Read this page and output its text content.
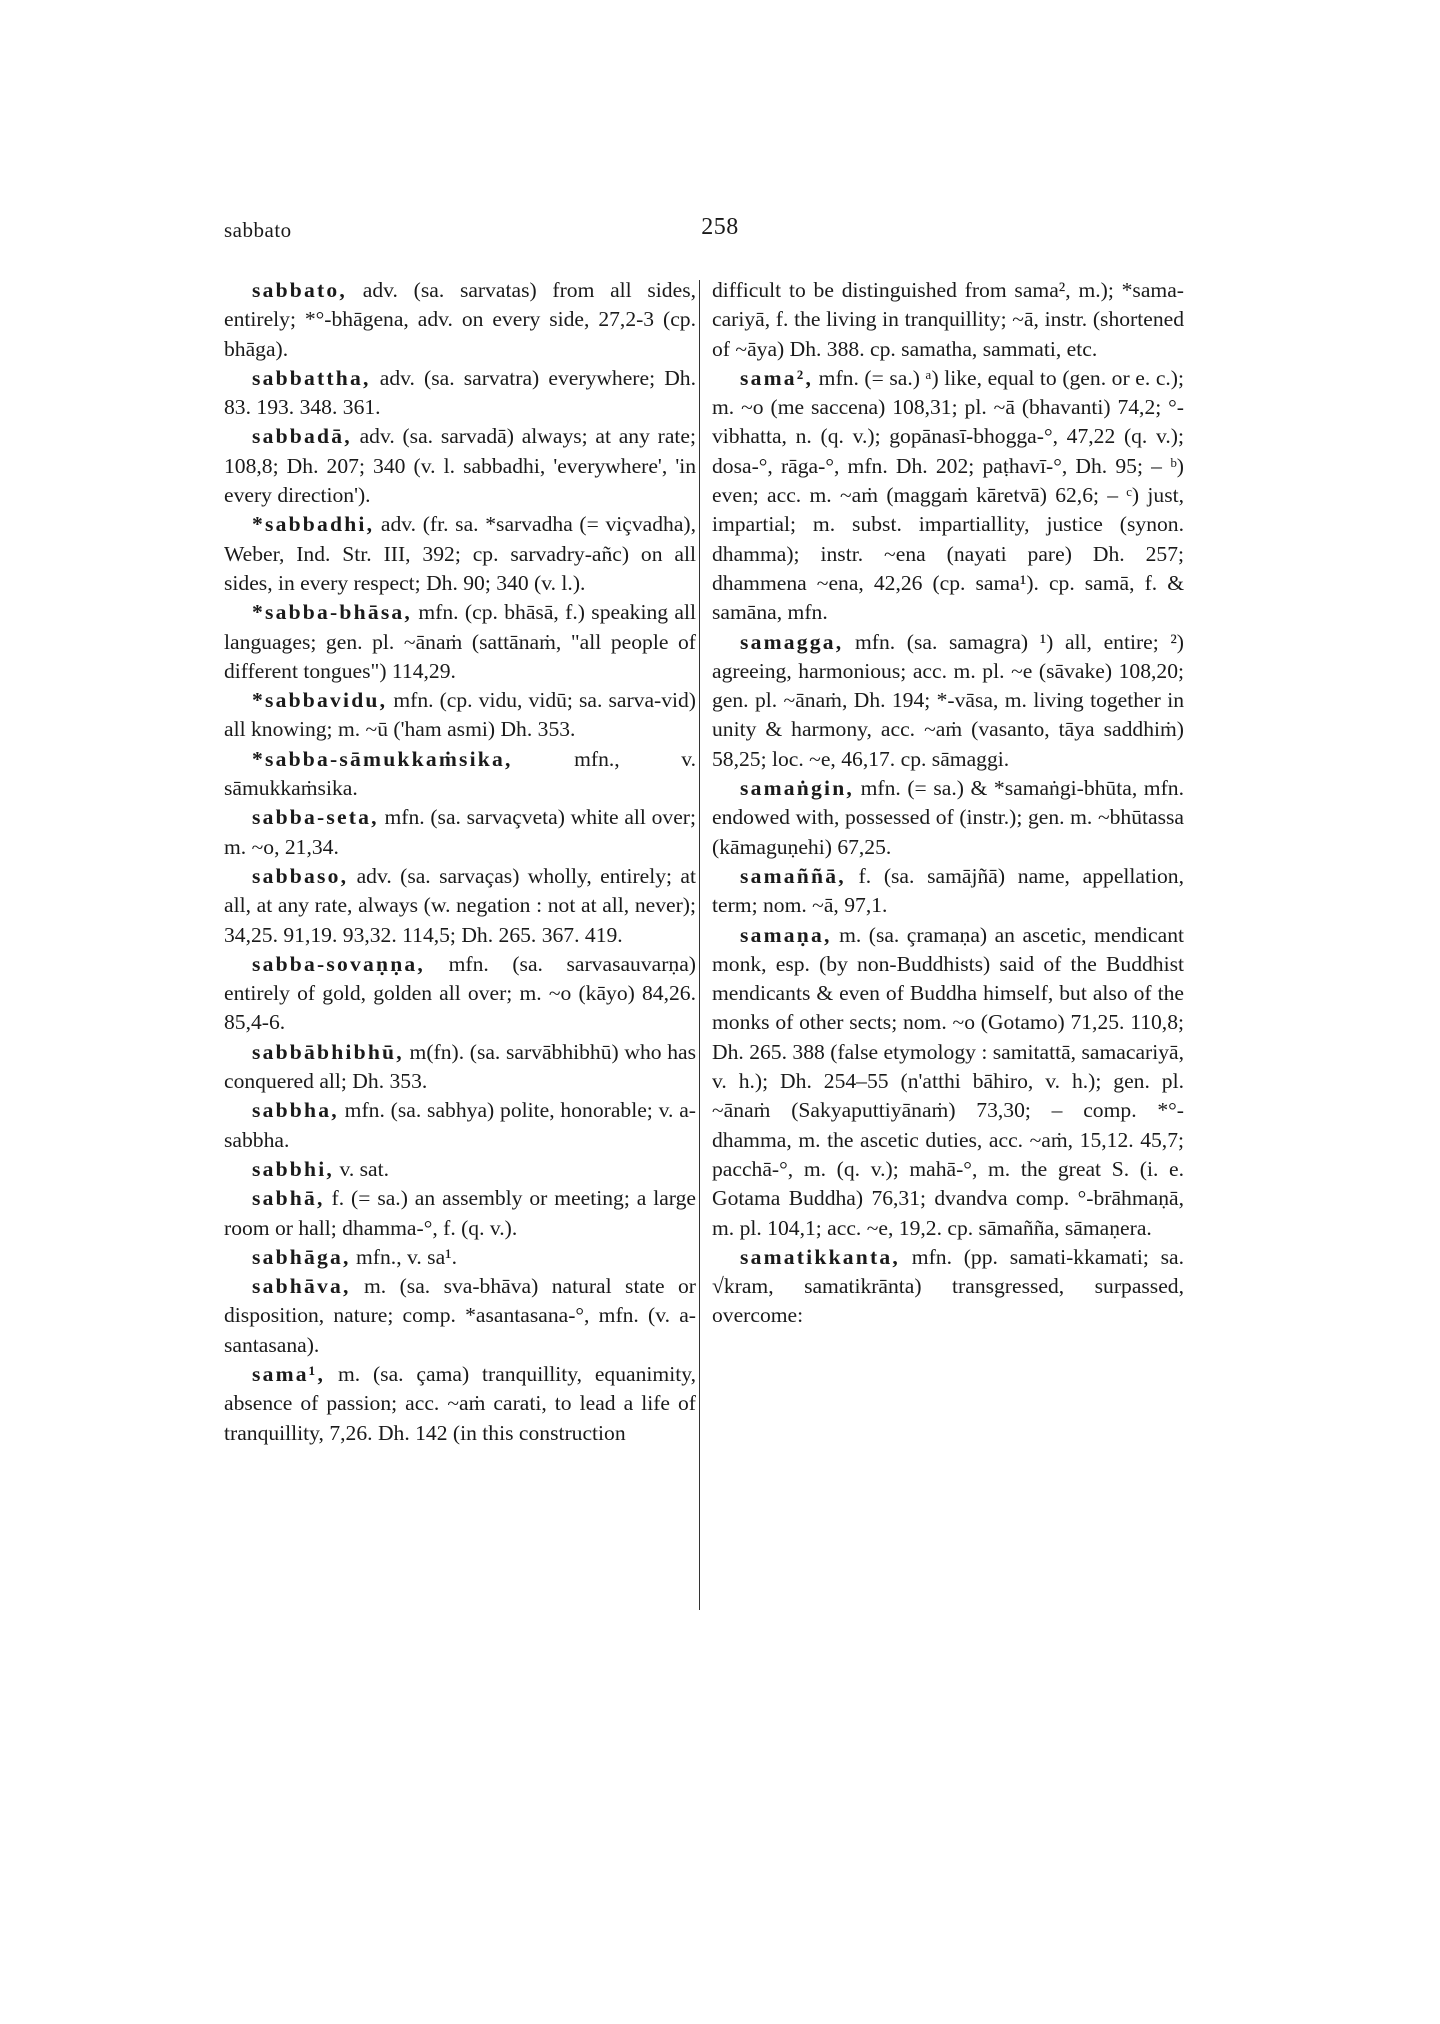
sabbato	258

sabbato, adv. (sa. sarvatas) from all sides, entirely; *°-bhāgena, adv. on every side, 27,2-3 (cp. bhāga).

sabbattha, adv. (sa. sarvatra) everywhere; Dh. 83. 193. 348. 361.

sabbadā, adv. (sa. sarvadā) always; at any rate; 108,8; Dh. 207; 340 (v. l. sabbadhi, 'everywhere', 'in every direction').

*sabbadhi, adv. (fr. sa. *sarvadha (= viçvadha), Weber, Ind. Str. III, 392; cp. sarvadry-añc) on all sides, in every respect; Dh. 90; 340 (v. l.).

*sabba-bhāsa, mfn. (cp. bhāsā, f.) speaking all languages; gen. pl. ~ānaṁ (sattānaṁ, "all people of different tongues") 114,29.

*sabbavidu, mfn. (cp. vidu, vidū; sa. sarva-vid) all knowing; m. ~ū ('ham asmi) Dh. 353.

*sabba-sāmukkaṁsika,	mfn., v. sāmukkaṁsika.

sabba-seta, mfn. (sa. sarvaçveta) white all over; m. ~o, 21,34.

sabbaso, adv. (sa. sarvaças) wholly, entirely; at all, at any rate, always (w. negation : not at all, never); 34,25. 91,19. 93,32. 114,5; Dh. 265. 367. 419.

sabba-sovaṇṇa, mfn. (sa. sarvasauvarṇa) entirely of gold, golden all over; m. ~o (kāyo) 84,26. 85,4-6.

sabbābhibhū, m(fn). (sa. sarvābhibhū) who has conquered all; Dh. 353.

sabbha, mfn. (sa. sabhya) polite, honorable; v. a-sabbha.

sabbhi, v. sat.

sabhā, f. (= sa.) an assembly or meeting; a large room or hall; dhamma-°, f. (q. v.).

sabhāga, mfn., v. sa¹.

sabhāva, m. (sa. sva-bhāva) natural state or disposition, nature; comp. *asantasana-°, mfn. (v. a-santasana).

sama¹, m. (sa. çama) tranquillity, equanimity, absence of passion; acc. ~aṁ carati, to lead a life of tranquillity, 7,26. Dh. 142 (in this construction

difficult to be distinguished from sama², m.); *sama-cariyā, f. the living in tranquillity; ~ā, instr. (shortened of ~āya) Dh. 388. cp. samatha, sammati, etc.

sama², mfn. (= sa.) ᵃ) like, equal to (gen. or e. c.); m. ~o (me saccena) 108,31; pl. ~ā (bhavanti) 74,2; °-vibhatta, n. (q. v.); gopānasī-bhogga-°, 47,22 (q. v.); dosa-°, rāga-°, mfn. Dh. 202; paṭhavī-°, Dh. 95; – ᵇ) even; acc. m. ~aṁ (maggaṁ kāretvā) 62,6; – ᶜ) just, impartial; m. subst. impartiallity, justice (synon. dhamma); instr. ~ena (nayati pare) Dh. 257; dhammena ~ena, 42,26 (cp. sama¹). cp. samā, f. & samāna, mfn.

samagga, mfn. (sa. samagra) ¹) all, entire; ²) agreeing, harmonious; acc. m. pl. ~e (sāvake) 108,20; gen. pl. ~ānaṁ, Dh. 194; *-vāsa, m. living together in unity & harmony, acc. ~aṁ (vasanto, tāya saddhiṁ) 58,25; loc. ~e, 46,17. cp. sāmaggi.

samaṅgin, mfn. (= sa.) & *samaṅgi-bhūta, mfn. endowed with, possessed of (instr.); gen. m. ~bhūtassa (kāmaguṇehi) 67,25.

samaññā, f. (sa. samājñā) name, appellation, term; nom. ~ā, 97,1.

samaṇa, m. (sa. çramaṇa) an ascetic, mendicant monk, esp. (by non-Buddhists) said of the Buddhist mendicants & even of Buddha himself, but also of the monks of other sects; nom. ~o (Gotamo) 71,25. 110,8; Dh. 265. 388 (false etymology : samitattā, samacariyā, v. h.); Dh. 254–55 (n'atthi bāhiro, v. h.); gen. pl. ~ānaṁ (Sakyaputtiyānaṁ) 73,30; – comp. *°-dhamma, m. the ascetic duties, acc. ~aṁ, 15,12. 45,7; pacchā-°, m. (q. v.); mahā-°, m. the great S. (i. e. Gotama Buddha) 76,31; dvandva comp. °-brāhmaṇā, m. pl. 104,1; acc. ~e, 19,2. cp. sāmañña, sāmaṇera.

samatikkanta, mfn. (pp. samati-kkamati; sa. √kram, samatikrānta) transgressed, surpassed, overcome:
